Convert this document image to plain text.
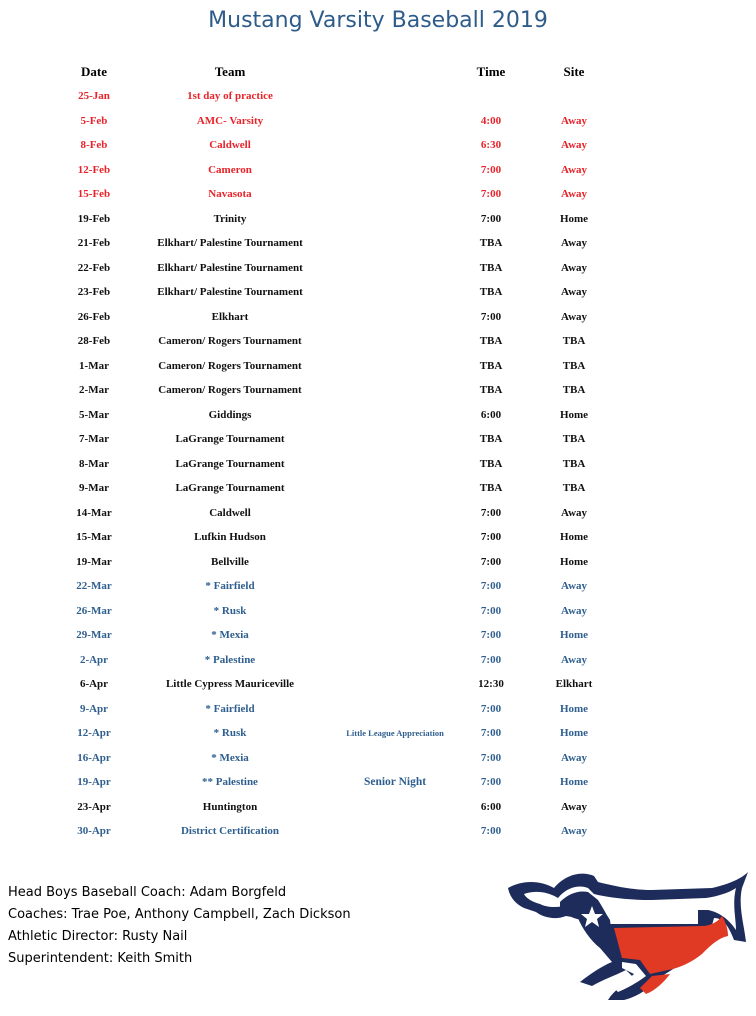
Mustang Varsity Baseball 2019
Date	Team	Time	Site
25-Jan	1st day of practice
5-Feb	AMC- Varsity	4:00	Away
8-Feb	Caldwell	6:30	Away
12-Feb	Cameron	7:00	Away
15-Feb	Navasota	7:00	Away
19-Feb	Trinity	7:00	Home
21-Feb	Elkhart/ Palestine Tournament	TBA	Away
22-Feb	Elkhart/ Palestine Tournament	TBA	Away
23-Feb	Elkhart/ Palestine Tournament	TBA	Away
26-Feb	Elkhart	7:00	Away
28-Feb	Cameron/ Rogers Tournament	TBA	TBA
1-Mar	Cameron/ Rogers Tournament	TBA	TBA
2-Mar	Cameron/ Rogers Tournament	TBA	TBA
5-Mar	Giddings	6:00	Home
7-Mar	LaGrange Tournament	TBA	TBA
8-Mar	LaGrange Tournament	TBA	TBA
9-Mar	LaGrange Tournament	TBA	TBA
14-Mar	Caldwell	7:00	Away
15-Mar	Lufkin Hudson	7:00	Home
19-Mar	Bellville	7:00	Home
22-Mar	* Fairfield	7:00	Away
26-Mar	* Rusk	7:00	Away
29-Mar	* Mexia	7:00	Home
2-Apr	* Palestine	7:00	Away
6-Apr	Little Cypress Mauriceville	12:30	Elkhart
9-Apr	* Fairfield	7:00	Home
12-Apr	* Rusk	Little League Appreciation	7:00	Home
16-Apr	* Mexia	7:00	Away
19-Apr	** Palestine	Senior Night	7:00	Home
23-Apr	Huntington	6:00	Away
30-Apr	District Certification	7:00	Away
Head Boys Baseball Coach: Adam Borgfeld
Coaches: Trae Poe, Anthony Campbell, Zach Dickson
Athletic Director: Rusty Nail
Superintendent: Keith Smith
